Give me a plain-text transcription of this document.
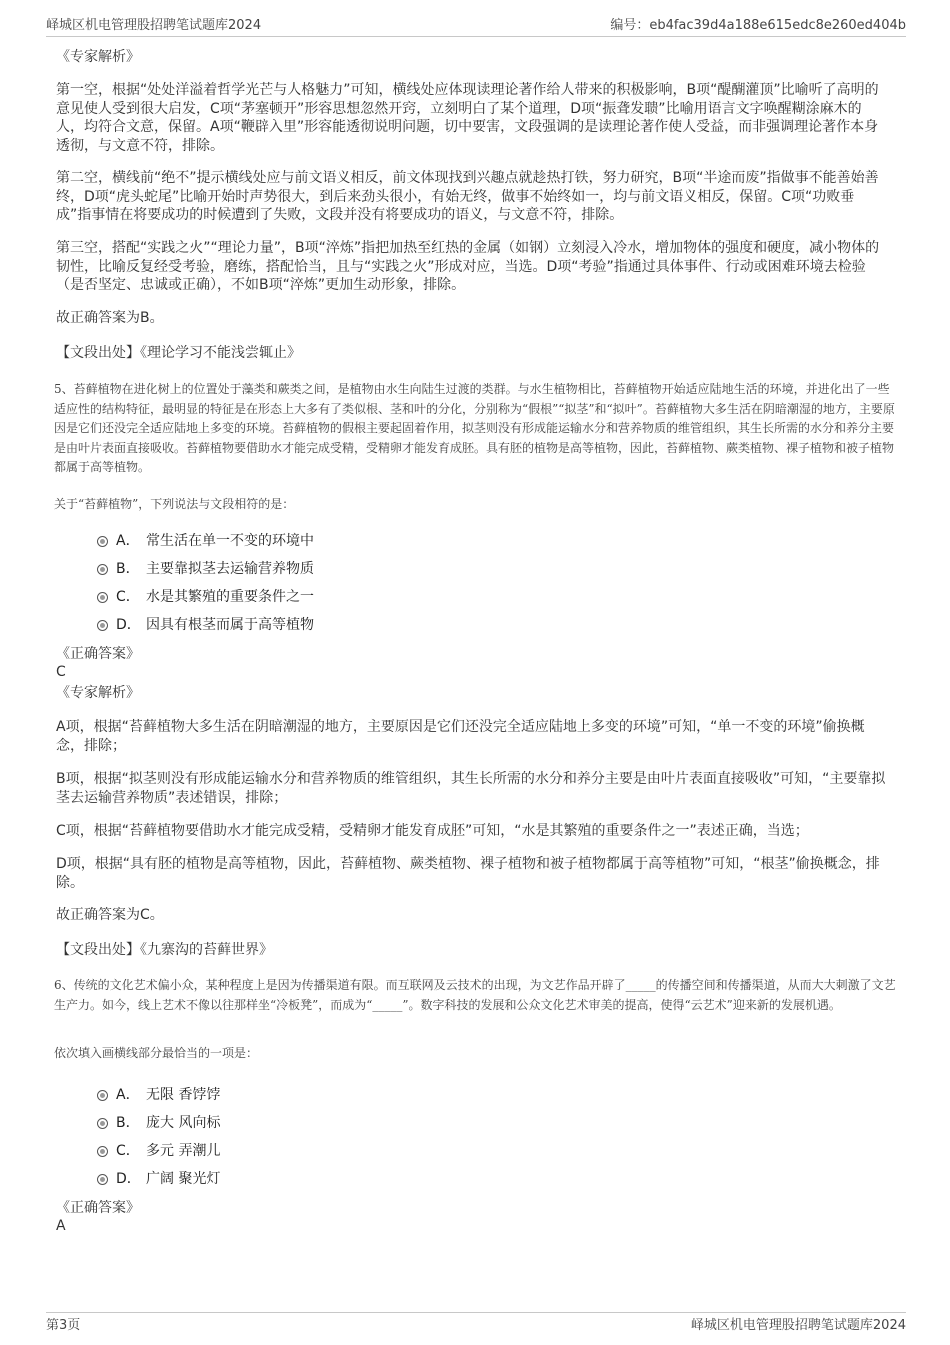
峄城区机电管理股招聘笔试题库2024	编号：eb4fac39d4a188e615edc8e260ed404b

《专家解析》

第一空，根据“处处洋溢着哲学光芒与人格魅力”可知，横线处应体现读理论著作给人带来的积极影响，B项“醍醐灌顶”比喻听了高明的意见使人受到很大启发，C项“茅塞顿开”形容思想忽然开窍，立刻明白了某个道理，D项“振聋发聩”比喻用语言文字唤醒糊涂麻木的人，均符合文意，保留。A项“鞭辟入里”形容能透彻说明问题，切中要害，文段强调的是读理论著作使人受益，而非强调理论著作本身透彻，与文意不符，排除。

第二空，横线前“绝不”提示横线处应与前文语义相反，前文体现找到兴趣点就趁热打铁，努力研究，B项“半途而废”指做事不能善始善终，D项“虎头蛇尾”比喻开始时声势很大，到后来劲头很小，有始无终，做事不始终如一，均与前文语义相反，保留。C项“功败垂成”指事情在将要成功的时候遭到了失败，文段并没有将要成功的语义，与文意不符，排除。

第三空，搭配“实践之火”“理论力量”，B项“淬炼”指把加热至红热的金属（如钢）立刻浸入冷水，增加物体的强度和硬度，减小物体的韧性，比喻反复经受考验，磨练，搭配恰当，且与“实践之火”形成对应，当选。D项“考验”指通过具体事件、行动或困难环境去检验（是否坚定、忠诚或正确），不如B项“淬炼”更加生动形象，排除。

故正确答案为B。

【文段出处】《理论学习不能浅尝辄止》

5、苔藓植物在进化树上的位置处于藻类和蕨类之间，是植物由水生向陆生过渡的类群。与水生植物相比，苔藓植物开始适应陆地生活的环境，并进化出了一些适应性的结构特征，最明显的特征是在形态上大多有了类似根、茎和叶的分化，分别称为“假根”“拟茎”和“拟叶”。苔藓植物大多生活在阴暗潮湿的地方，主要原因是它们还没完全适应陆地上多变的环境。苔藓植物的假根主要起固着作用，拟茎则没有形成能运输水分和营养物质的维管组织，其生长所需的水分和养分主要是由叶片表面直接吸收。苔藓植物要借助水才能完成受精，受精卵才能发育成胚。具有胚的植物是高等植物，因此，苔藓植物、蕨类植物、裸子植物和被子植物都属于高等植物。

关于“苔藓植物”，下列说法与文段相符的是：

A． 常生活在单一不变的环境中
B． 主要靠拟茎去运输营养物质
C． 水是其繁殖的重要条件之一
D． 因具有根茎而属于高等植物

《正确答案》

C

《专家解析》

A项，根据“苔藓植物大多生活在阴暗潮湿的地方，主要原因是它们还没完全适应陆地上多变的环境”可知，“单一不变的环境”偷换概念，排除；

B项，根据“拟茎则没有形成能运输水分和营养物质的维管组织，其生长所需的水分和养分主要是由叶片表面直接吸收”可知，“主要靠拟茎去运输营养物质”表述错误，排除；

C项，根据“苔藓植物要借助水才能完成受精，受精卵才能发育成胚”可知，“水是其繁殖的重要条件之一”表述正确，当选；

D项，根据“具有胚的植物是高等植物，因此，苔藓植物、蕨类植物、裸子植物和被子植物都属于高等植物”可知，“根茎”偷换概念，排除。

故正确答案为C。

【文段出处】《九寨沟的苔藓世界》

6、传统的文化艺术偏小众，某种程度上是因为传播渠道有限。而互联网及云技术的出现，为文艺作品开辟了_____的传播空间和传播渠道，从而大大刺激了文艺生产力。如今，线上艺术不像以往那样坐“冷板凳”，而成为“_____”。数字科技的发展和公众文化艺术审美的提高，使得“云艺术”迎来新的发展机遇。

依次填入画横线部分最恰当的一项是：

A． 无限 香饽饽
B． 庞大 风向标
C． 多元 弄潮儿
D． 广阔 聚光灯

《正确答案》

A

第3页	峄城区机电管理股招聘笔试题库2024
